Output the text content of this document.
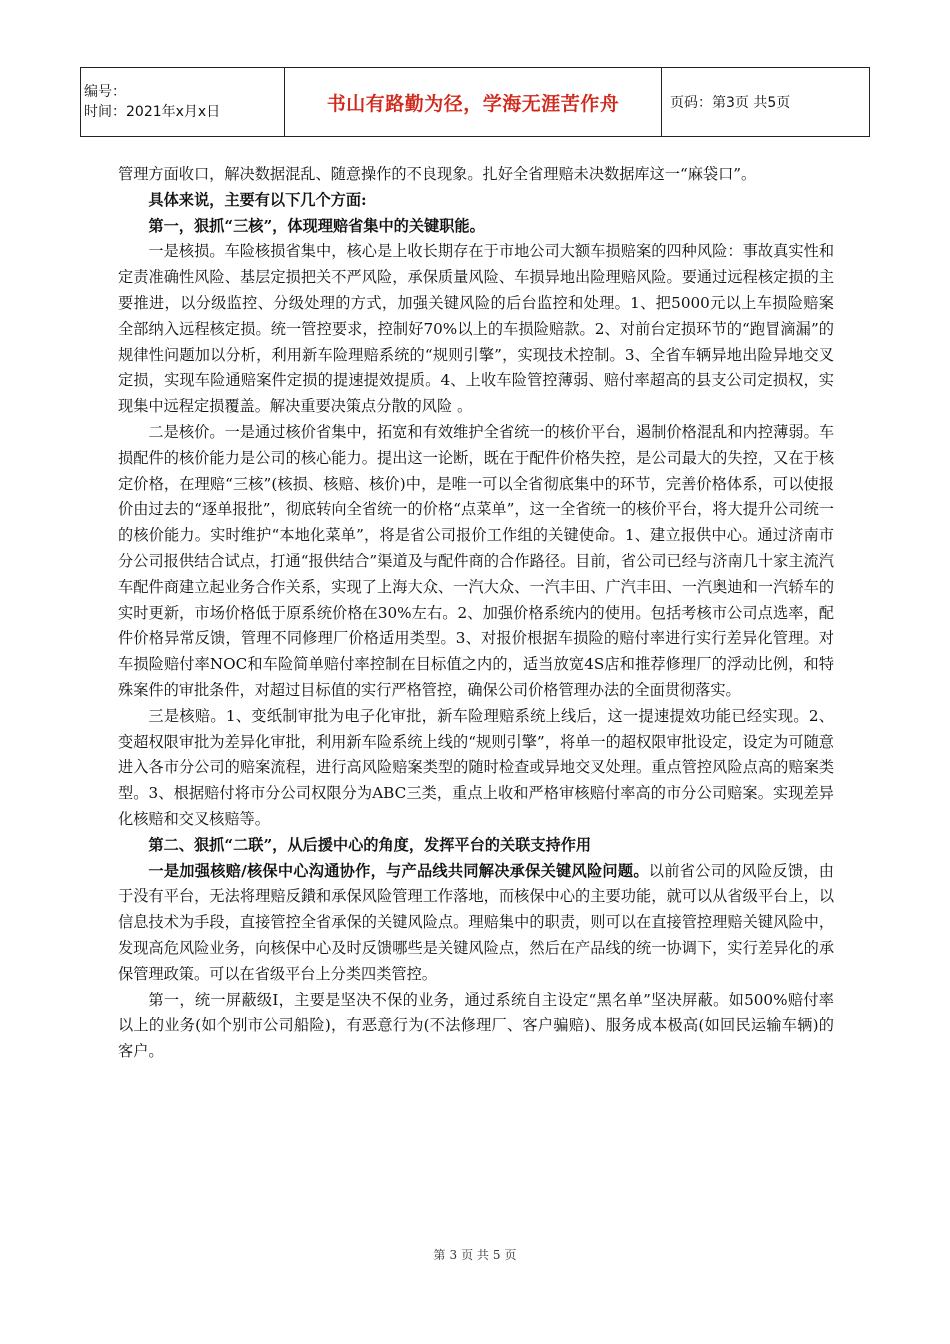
编号：
时间：2021年x月x日	书山有路勤为径，学海无涯苦作舟	页码：第3页 共5页

管理方面收口，解决数据混乱、随意操作的不良现象。扎好全省理赔未决数据库这一“麻袋口”。

具体来说，主要有以下几个方面:

第一，狠抓“三核”，体现理赔省集中的关键职能。

一是核损。车险核损省集中，核心是上收长期存在于市地公司大额车损赔案的四种风险：事故真实性和定责准确性风险、基层定损把关不严风险，承保质量风险、车损异地出险理赔风险。要通过远程核定损的主要推进，以分级监控、分级处理的方式，加强关键风险的后台监控和处理。1、把5000元以上车损险赔案全部纳入远程核定损。统一管控要求，控制好70%以上的车损险赔款。2、对前台定损环节的“跑冒滴漏”的规律性问题加以分析，利用新车险理赔系统的“规则引擎”，实现技术控制。3、全省车辆异地出险异地交叉定损，实现车险通赔案件定损的提速提效提质。4、上收车险管控薄弱、赔付率超高的县支公司定损权，实现集中远程定损覆盖。解决重要决策点分散的风险 。

二是核价。一是通过核价省集中，拓宽和有效维护全省统一的核价平台，遏制价格混乱和内控薄弱。车损配件的核价能力是公司的核心能力。提出这一论断，既在于配件价格失控，是公司最大的失控，又在于核定价格，在理赔“三核”(核损、核赔、核价)中，是唯一可以全省彻底集中的环节，完善价格体系，可以使报价由过去的“逐单报批”，彻底转向全省统一的价格“点菜单”，这一全省统一的核价平台，将大提升公司统一的核价能力。实时维护“本地化菜单”，将是省公司报价工作组的关键使命。1、建立报供中心。通过济南市分公司报供结合试点，打通“报供结合”渠道及与配件商的合作路径。目前，省公司已经与济南几十家主流汽车配件商建立起业务合作关系，实现了上海大众、一汽大众、一汽丰田、广汽丰田、一汽奥迪和一汽轿车的实时更新，市场价格低于原系统价格在30%左右。2、加强价格系统内的使用。包括考核市公司点选率，配件价格异常反馈，管理不同修理厂价格适用类型。3、对报价根据车损险的赔付率进行实行差异化管理。对车损险赔付率NOC和车险简单赔付率控制在目标值之内的，适当放宽4S店和推荐修理厂的浮动比例，和特殊案件的审批条件，对超过目标值的实行严格管控，确保公司价格管理办法的全面贯彻落实。

三是核赔。1、变纸制审批为电子化审批，新车险理赔系统上线后，这一提速提效功能已经实现。2、变超权限审批为差异化审批，利用新车险系统上线的“规则引擎”，将单一的超权限审批设定，设定为可随意进入各市分公司的赔案流程，进行高风险赔案类型的随时检查或异地交叉处理。重点管控风险点高的赔案类型。3、根据赔付将市分公司权限分为ABC三类，重点上收和严格审核赔付率高的市分公司赔案。实现差异化核赔和交叉核赔等。

第二、狠抓“二联”，从后援中心的角度，发挥平台的关联支持作用

一是加强核赔/核保中心沟通协作，与产品线共同解决承保关键风险问题。以前省公司的风险反馈，由于没有平台，无法将理赔反鐀和承保风险管理工作落地，而核保中心的主要功能，就可以从省级平台上，以信息技术为手段，直接管控全省承保的关键风险点。理赔集中的职责，则可以在直接管控理赔关键风险中，发现高危风险业务，向核保中心及时反馈哪些是关键风险点，然后在产品线的统一协调下，实行差异化的承保管理政策。可以在省级平台上分类四类管控。

第一，统一屏蔽级Ⅰ，主要是坚决不保的业务，通过系统自主设定“黑名单”坚决屏蔽。如500%赔付率以上的业务(如个别市公司船险)，有恶意行为(不法修理厂、客户骗赔)、服务成本极高(如回民运输车辆)的客户。

第 3 页 共 5 页
